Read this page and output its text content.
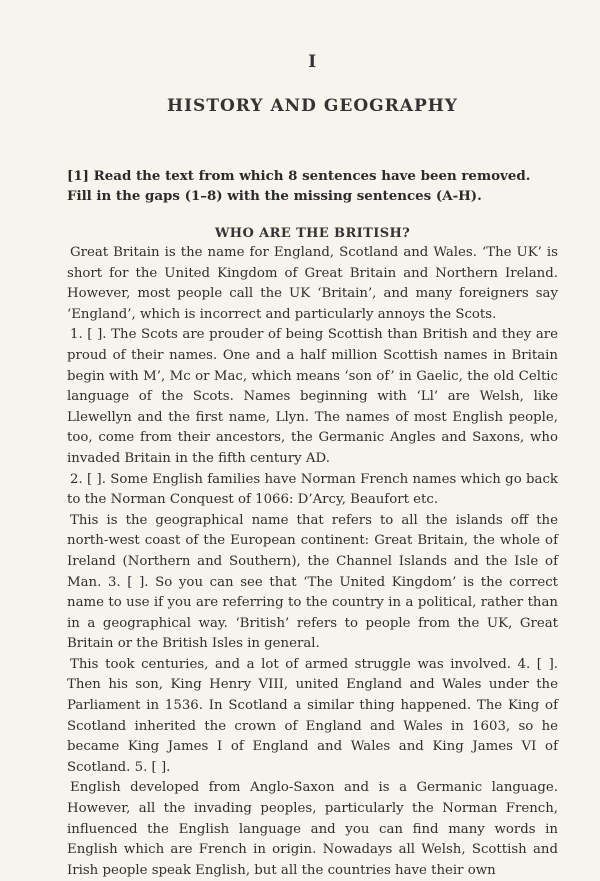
I
HISTORY AND GEOGRAPHY

[1] Read the text from which 8 sentences have been removed. Fill in the gaps (1–8) with the missing sentences (A-H).

WHO ARE THE BRITISH?

Great Britain is the name for England, Scotland and Wales. ‘The UK’ is short for the United Kingdom of Great Britain and Northern Ireland. However, most people call the UK ‘Britain’, and many foreigners say ‘England’, which is incorrect and particularly annoys the Scots.

1. [ ]. The Scots are prouder of being Scottish than British and they are proud of their names. One and a half million Scottish names in Britain begin with M’, Mc or Mac, which means ‘son of’ in Gaelic, the old Celtic language of the Scots. Names beginning with ‘Ll’ are Welsh, like Llewellyn and the first name, Llyn. The names of most English people, too, come from their ancestors, the Germanic Angles and Saxons, who invaded Britain in the fifth century AD.

2. [ ]. Some English families have Norman French names which go back to the Norman Conquest of 1066: D’Arcy, Beaufort etc.

This is the geographical name that refers to all the islands off the north-west coast of the European continent: Great Britain, the whole of Ireland (Northern and Southern), the Channel Islands and the Isle of Man. 3. [ ]. So you can see that ‘The United Kingdom’ is the correct name to use if you are referring to the country in a political, rather than in a geographical way. ‘British’ refers to people from the UK, Great Britain or the British Isles in general.

This took centuries, and a lot of armed struggle was involved. 4. [ ]. Then his son, King Henry VIII, united England and Wales under the Parliament in 1536. In Scotland a similar thing happened. The King of Scotland inherited the crown of England and Wales in 1603, so he became King James I of England and Wales and King James VI of Scotland. 5. [ ].

English developed from Anglo-Saxon and is a Germanic language. However, all the invading peoples, particularly the Norman French, influenced the English language and you can find many words in English which are French in origin. Nowadays all Welsh, Scottish and Irish people speak English, but all the countries have their own
